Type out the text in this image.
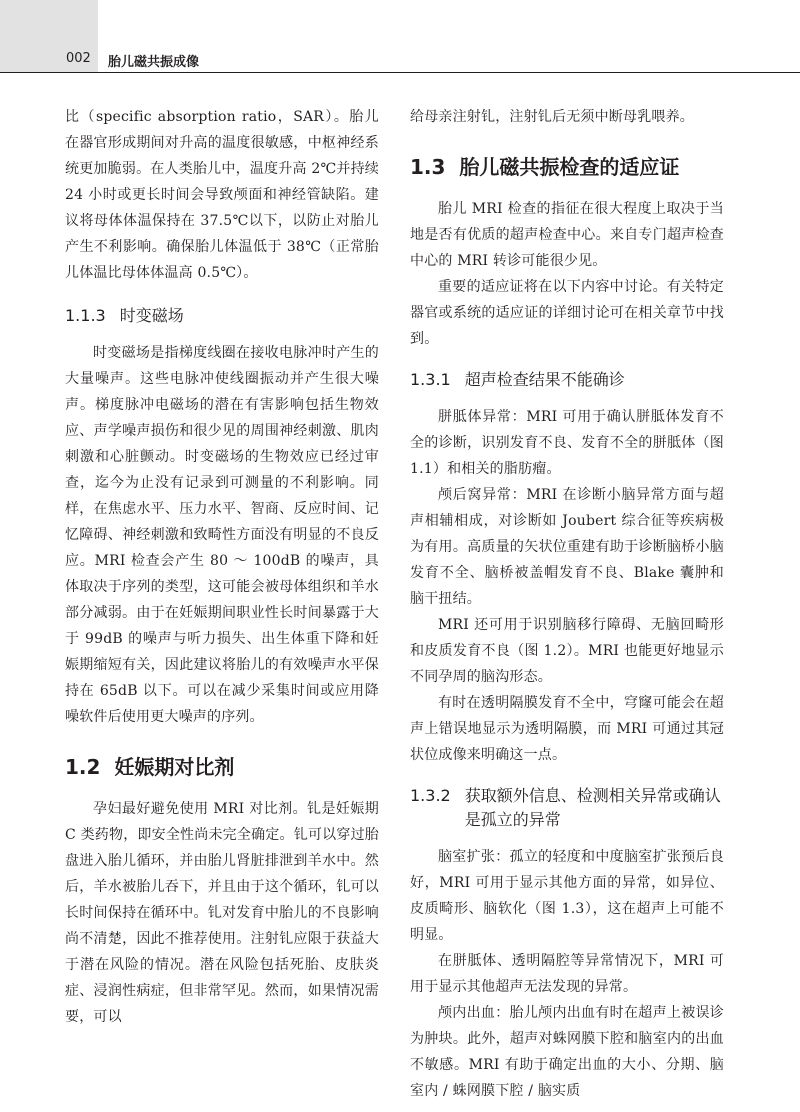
002 胎儿磁共振成像

比（specific absorption ratio，SAR）。胎儿在器官形成期间对升高的温度很敏感，中枢神经系统更加脆弱。在人类胎儿中，温度升高 2℃并持续 24 小时或更长时间会导致颅面和神经管缺陷。建议将母体体温保持在 37.5℃以下，以防止对胎儿产生不利影响。确保胎儿体温低于 38℃（正常胎儿体温比母体体温高 0.5℃）。

1.1.3 时变磁场

时变磁场是指梯度线圈在接收电脉冲时产生的大量噪声。这些电脉冲使线圈振动并产生很大噪声。梯度脉冲电磁场的潜在有害影响包括生物效应、声学噪声损伤和很少见的周围神经刺激、肌肉刺激和心脏颤动。时变磁场的生物效应已经过审查，迄今为止没有记录到可测量的不利影响。同样，在焦虑水平、压力水平、智商、反应时间、记忆障碍、神经刺激和致畸性方面没有明显的不良反应。MRI 检查会产生 80 ～ 100dB 的噪声，具体取决于序列的类型，这可能会被母体组织和羊水部分减弱。由于在妊娠期间职业性长时间暴露于大于 99dB 的噪声与听力损失、出生体重下降和妊娠期缩短有关，因此建议将胎儿的有效噪声水平保持在 65dB 以下。可以在减少采集时间或应用降噪软件后使用更大噪声的序列。

1.2 妊娠期对比剂

孕妇最好避免使用 MRI 对比剂。钆是妊娠期 C 类药物，即安全性尚未完全确定。钆可以穿过胎盘进入胎儿循环，并由胎儿肾脏排泄到羊水中。然后，羊水被胎儿吞下，并且由于这个循环，钆可以长时间保持在循环中。钆对发育中胎儿的不良影响尚不清楚，因此不推荐使用。注射钆应限于获益大于潜在风险的情况。潜在风险包括死胎、皮肤炎症、浸润性病症，但非常罕见。然而，如果情况需要，可以

给母亲注射钆，注射钆后无须中断母乳喂养。

1.3 胎儿磁共振检查的适应证

胎儿 MRI 检查的指征在很大程度上取决于当地是否有优质的超声检查中心。来自专门超声检查中心的 MRI 转诊可能很少见。

重要的适应证将在以下内容中讨论。有关特定器官或系统的适应证的详细讨论可在相关章节中找到。

1.3.1 超声检查结果不能确诊

胼胝体异常：MRI 可用于确认胼胝体发育不全的诊断，识别发育不良、发育不全的胼胝体（图 1.1）和相关的脂肪瘤。

颅后窝异常：MRI 在诊断小脑异常方面与超声相辅相成，对诊断如 Joubert 综合征等疾病极为有用。高质量的矢状位重建有助于诊断脑桥小脑发育不全、脑桥被盖帽发育不良、Blake 囊肿和脑干扭结。

MRI 还可用于识别脑移行障碍、无脑回畸形和皮质发育不良（图 1.2）。MRI 也能更好地显示不同孕周的脑沟形态。

有时在透明隔膜发育不全中，穹窿可能会在超声上错误地显示为透明隔膜，而 MRI 可通过其冠状位成像来明确这一点。

1.3.2 获取额外信息、检测相关异常或确认是孤立的异常

脑室扩张：孤立的轻度和中度脑室扩张预后良好，MRI 可用于显示其他方面的异常，如异位、皮质畸形、脑软化（图 1.3），这在超声上可能不明显。

在胼胝体、透明隔腔等异常情况下，MRI 可用于显示其他超声无法发现的异常。

颅内出血：胎儿颅内出血有时在超声上被误诊为肿块。此外，超声对蛛网膜下腔和脑室内的出血不敏感。MRI 有助于确定出血的大小、分期、脑室内 / 蛛网膜下腔 / 脑实质
